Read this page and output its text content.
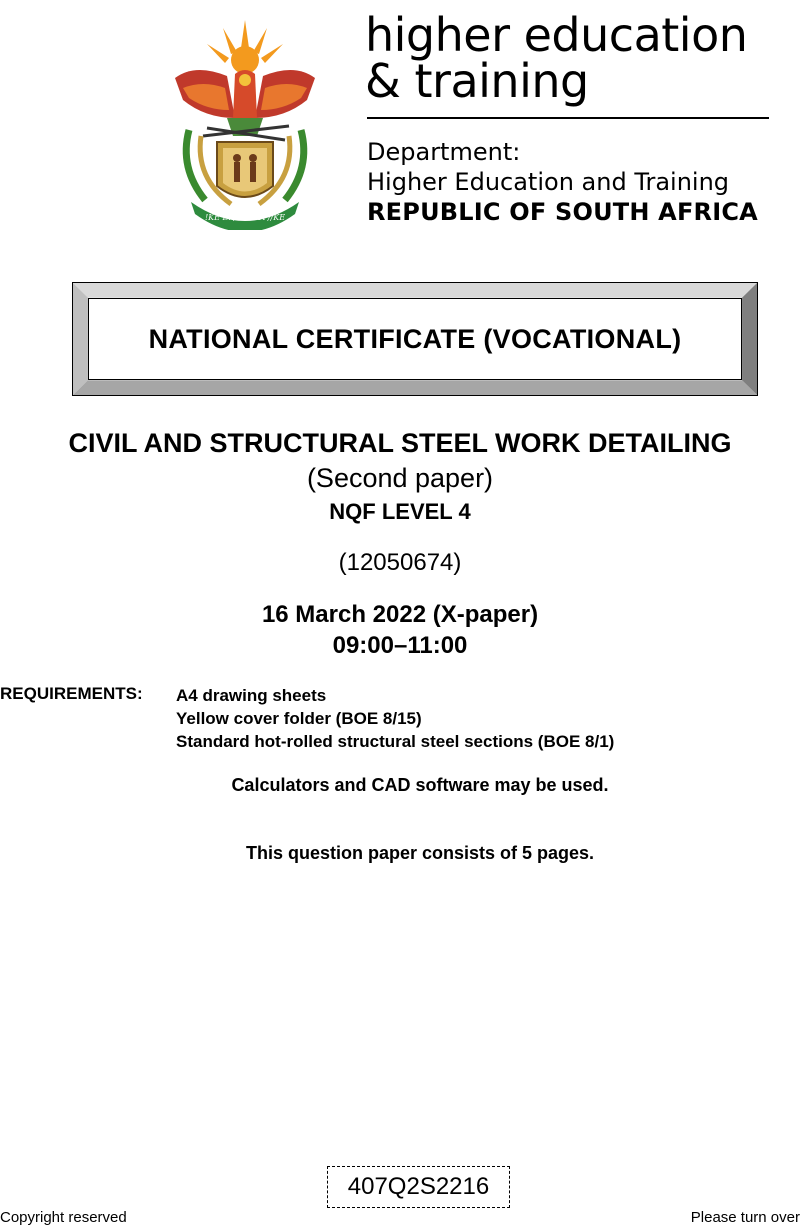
!KE E: /XARRA //KE
higher education
& training
Department:
Higher Education and Training
REPUBLIC OF SOUTH AFRICA
NATIONAL CERTIFICATE (VOCATIONAL)
CIVIL AND STRUCTURAL STEEL WORK DETAILING
(Second paper)
NQF LEVEL 4
(12050674)
16 March 2022 (X-paper)
09:00–11:00
REQUIREMENTS: A4 drawing sheets
Yellow cover folder (BOE 8/15)
Standard hot-rolled structural steel sections (BOE 8/1)
Calculators and CAD software may be used.
This question paper consists of 5 pages.
407Q2S2216
Copyright reserved	Please turn over
